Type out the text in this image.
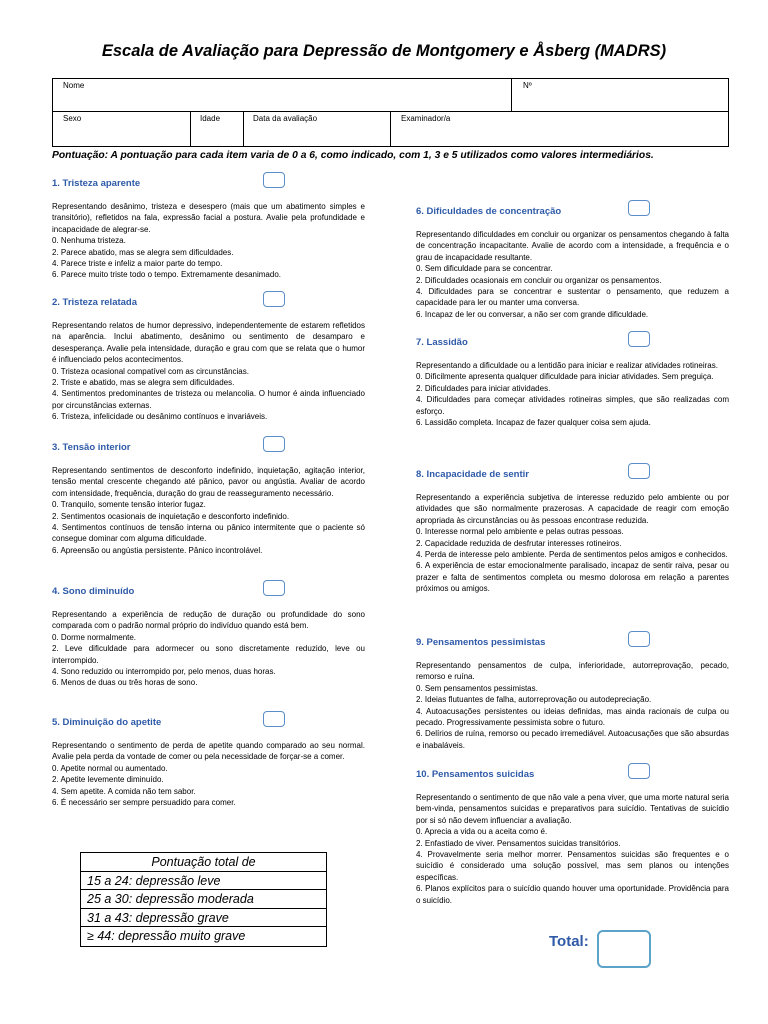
Escala de Avaliação para Depressão de Montgomery e Åsberg (MADRS)
Nome	Nº
Sexo	Idade	Data da avaliação	Examinador/a
Pontuação: A pontuação para cada item varia de 0 a 6, como indicado, com 1, 3 e 5 utilizados como valores intermediários.
1. Tristeza aparente
Representando desânimo, tristeza e desespero (mais que um abatimento simples e transitório), refletidos na fala, expressão facial a postura. Avalie pela profundidade e incapacidade de alegrar-se.
0. Nenhuma tristeza.
2. Parece abatido, mas se alegra sem dificuldades.
4. Parece triste e infeliz a maior parte do tempo.
6. Parece muito triste todo o tempo. Extremamente desanimado.
2. Tristeza relatada
Representando relatos de humor depressivo, independentemente de estarem refletidos na aparência. Inclui abatimento, desânimo ou sentimento de desamparo e desesperança. Avalie pela intensidade, duração e grau com que se relata que o humor é influenciado pelos acontecimentos.
0. Tristeza ocasional compatível com as circunstâncias.
2. Triste e abatido, mas se alegra sem dificuldades.
4. Sentimentos predominantes de tristeza ou melancolia. O humor é ainda influenciado por circunstâncias externas.
6. Tristeza, infelicidade ou desânimo contínuos e invariáveis.
3. Tensão interior
Representando sentimentos de desconforto indefinido, inquietação, agitação interior, tensão mental crescente chegando até pânico, pavor ou angústia. Avaliar de acordo com intensidade, frequência, duração do grau de reasseguramento necessário.
0. Tranquilo, somente tensão interior fugaz.
2. Sentimentos ocasionais de inquietação e desconforto indefinido.
4. Sentimentos contínuos de tensão interna ou pânico intermitente que o paciente só consegue dominar com alguma dificuldade.
6. Apreensão ou angústia persistente. Pânico incontrolável.
4. Sono diminuído
Representando a experiência de redução de duração ou profundidade do sono comparada com o padrão normal próprio do indivíduo quando está bem.
0. Dorme normalmente.
2. Leve dificuldade para adormecer ou sono discretamente reduzido, leve ou interrompido.
4. Sono reduzido ou interrompido por, pelo menos, duas horas.
6. Menos de duas ou três horas de sono.
5. Diminuição do apetite
Representando o sentimento de perda de apetite quando comparado ao seu normal. Avalie pela perda da vontade de comer ou pela necessidade de forçar-se a comer.
0. Apetite normal ou aumentado.
2. Apetite levemente diminuído.
4. Sem apetite. A comida não tem sabor.
6. É necessário ser sempre persuadido para comer.
6. Dificuldades de concentração
Representando dificuldades em concluir ou organizar os pensamentos chegando à falta de concentração incapacitante. Avalie de acordo com a intensidade, a frequência e o grau de incapacidade resultante.
0. Sem dificuldade para se concentrar.
2. Dificuldades ocasionais em concluir ou organizar os pensamentos.
4. Dificuldades para se concentrar e sustentar o pensamento, que reduzem a capacidade para ler ou manter uma conversa.
6. Incapaz de ler ou conversar, a não ser com grande dificuldade.
7. Lassidão
Representando a dificuldade ou a lentidão para iniciar e realizar atividades rotineiras.
0. Dificilmente apresenta qualquer dificuldade para iniciar atividades. Sem preguiça.
2. Dificuldades para iniciar atividades.
4. Dificuldades para começar atividades rotineiras simples, que são realizadas com esforço.
6. Lassidão completa. Incapaz de fazer qualquer coisa sem ajuda.
8. Incapacidade de sentir
Representando a experiência subjetiva de interesse reduzido pelo ambiente ou por atividades que são normalmente prazerosas. A capacidade de reagir com emoção apropriada às circunstâncias ou às pessoas encontrase reduzida.
0. Interesse normal pelo ambiente e pelas outras pessoas.
2. Capacidade reduzida de desfrutar interesses rotineiros.
4. Perda de interesse pelo ambiente. Perda de sentimentos pelos amigos e conhecidos.
6. A experiência de estar emocionalmente paralisado, incapaz de sentir raiva, pesar ou prazer e falta de sentimentos completa ou mesmo dolorosa em relação a parentes próximos ou amigos.
9. Pensamentos pessimistas
Representando pensamentos de culpa, inferioridade, autorreprovação, pecado, remorso e ruína.
0. Sem pensamentos pessimistas.
2. Ideias flutuantes de falha, autorreprovação ou autodepreciação.
4. Autoacusações persistentes ou ideias definidas, mas ainda racionais de culpa ou pecado. Progressivamente pessimista sobre o futuro.
6. Delírios de ruína, remorso ou pecado irremediável. Autoacusações que são absurdas e inabaláveis.
10. Pensamentos suicidas
Representando o sentimento de que não vale a pena viver, que uma morte natural seria bem-vinda, pensamentos suicidas e preparativos para suicídio. Tentativas de suicídio por si só não devem influenciar a avaliação.
0. Aprecia a vida ou a aceita como é.
2. Enfastiado de viver. Pensamentos suicidas transitórios.
4. Provavelmente seria melhor morrer. Pensamentos suicidas são frequentes e o suicídio é considerado uma solução possível, mas sem planos ou intenções específicas.
6. Planos explícitos para o suicídio quando houver uma oportunidade. Providência para o suicídio.
Pontuação total de
15 a 24: depressão leve
25 a 30: depressão moderada
31 a 43: depressão grave
≥ 44: depressão muito grave	Total:
